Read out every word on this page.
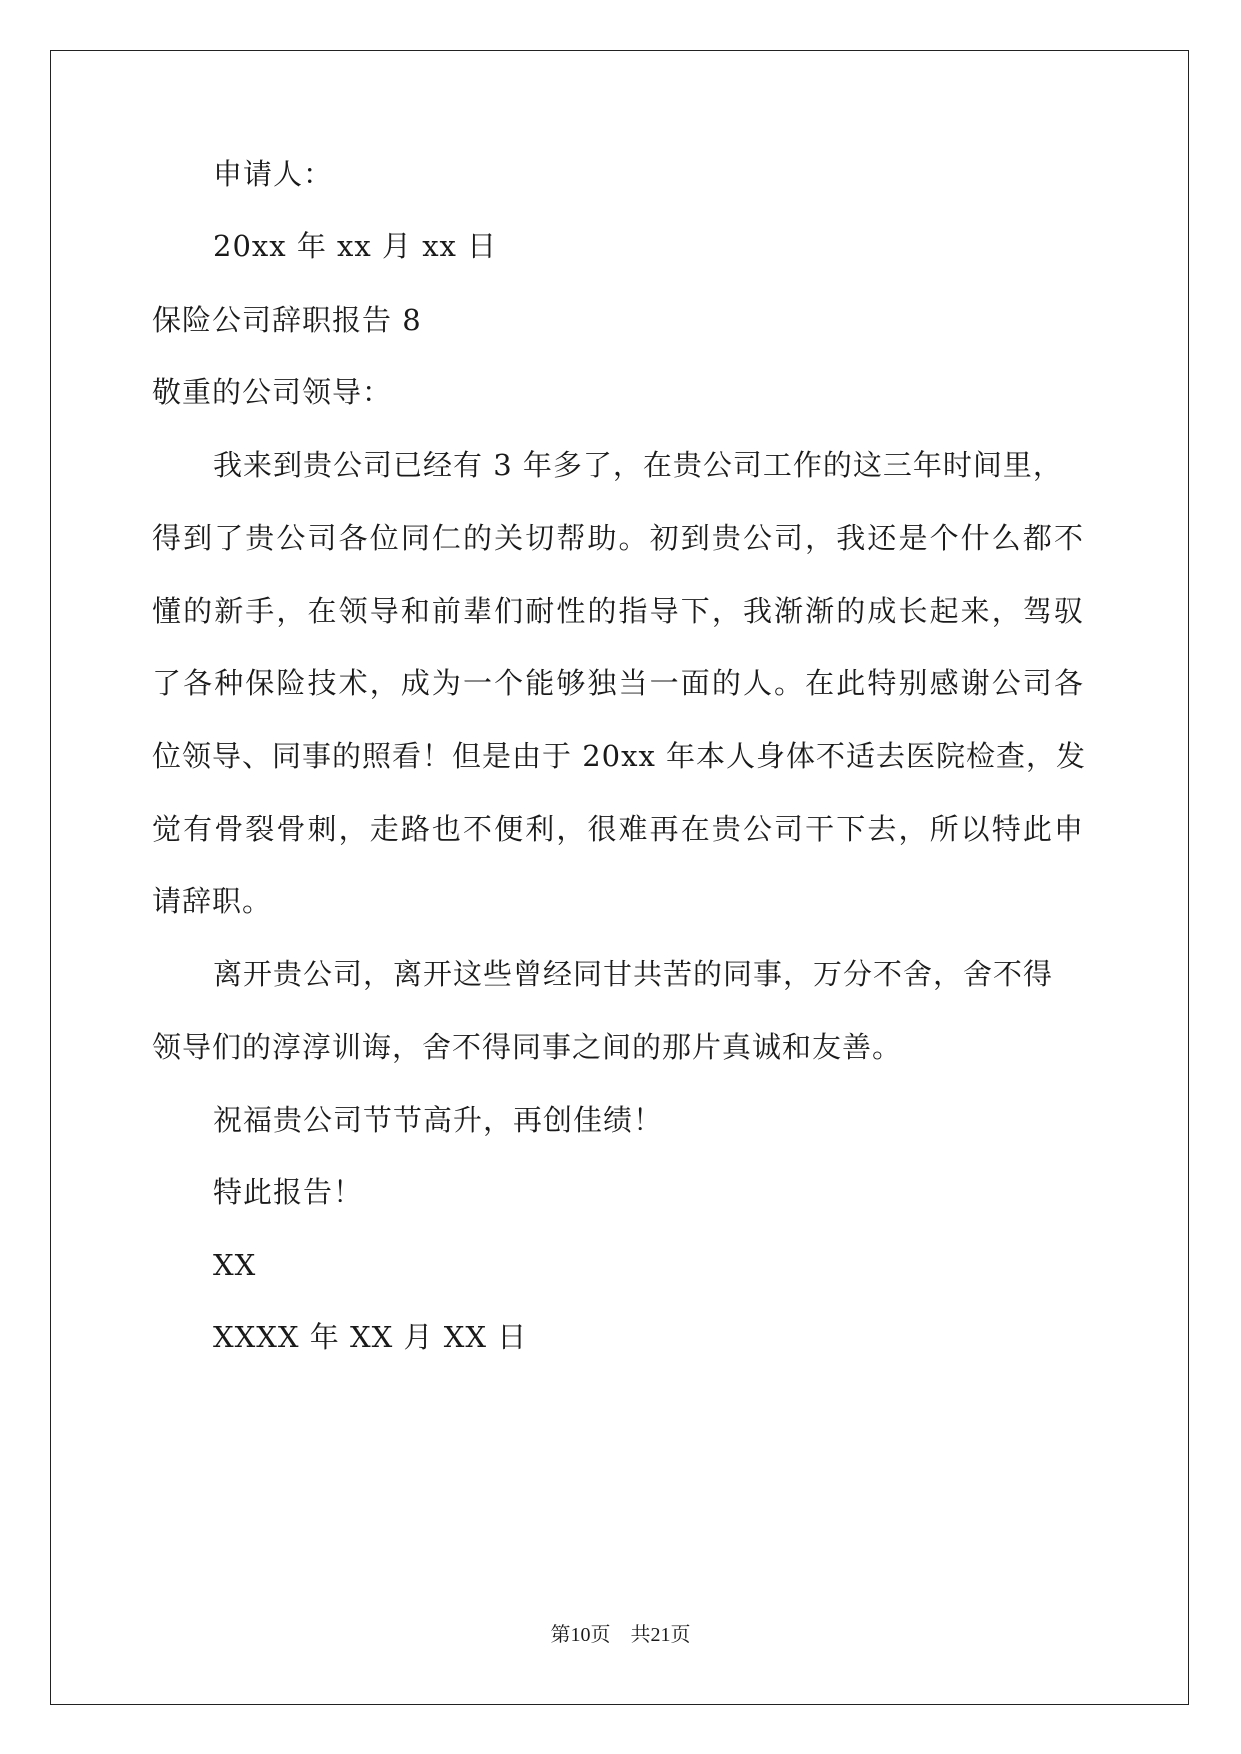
申请人：
20xx 年 xx 月 xx 日
保险公司辞职报告 8
敬重的公司领导：
我来到贵公司已经有 3 年多了，在贵公司工作的这三年时间里，
得到了贵公司各位同仁的关切帮助。初到贵公司，我还是个什么都不
懂的新手，在领导和前辈们耐性的指导下，我渐渐的成长起来，驾驭
了各种保险技术，成为一个能够独当一面的人。在此特别感谢公司各
位领导、同事的照看！但是由于 20xx 年本人身体不适去医院检查，发
觉有骨裂骨刺，走路也不便利，很难再在贵公司干下去，所以特此申
请辞职。
离开贵公司，离开这些曾经同甘共苦的同事，万分不舍，舍不得
领导们的淳淳训诲，舍不得同事之间的那片真诚和友善。
祝福贵公司节节高升，再创佳绩！
特此报告！
XX
XXXX 年 XX 月 XX 日
第10页　共21页
